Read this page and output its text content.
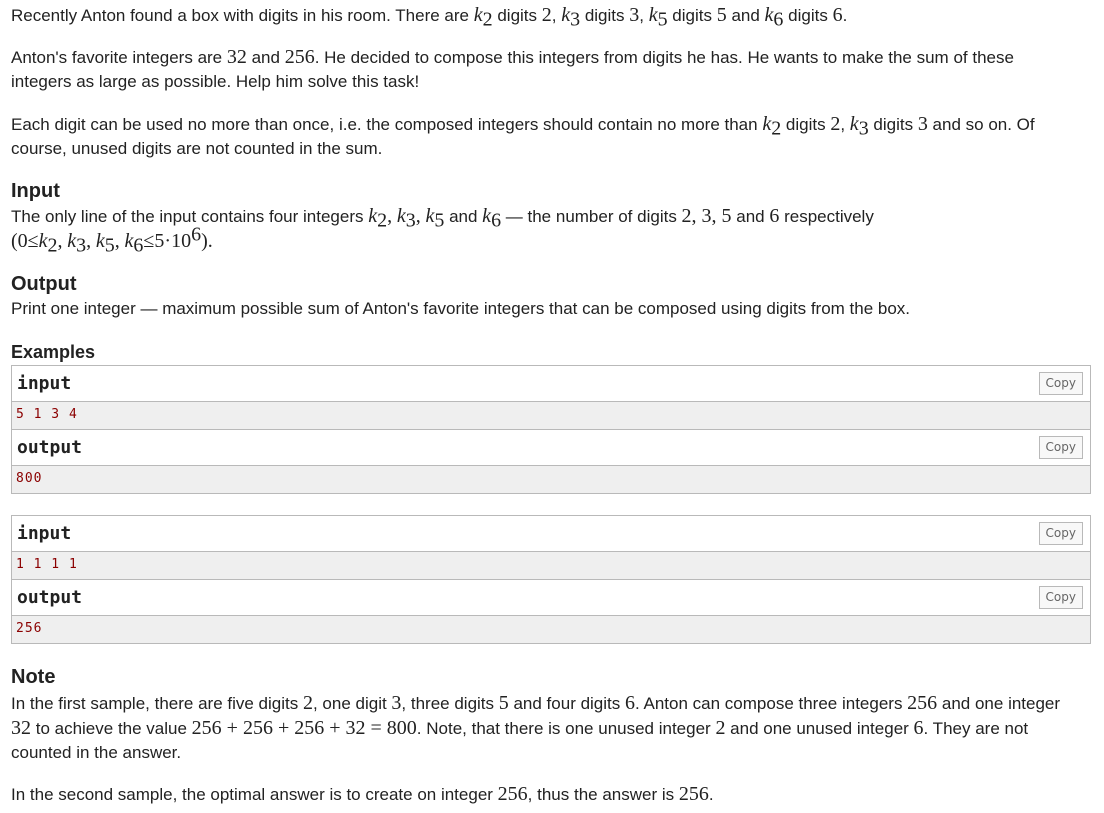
Recently Anton found a box with digits in his room. There are $k_2$ digits 2, $k_3$ digits 3, $k_5$ digits 5 and $k_6$ digits 6.

Anton's favorite integers are 32 and 256. He decided to compose this integers from digits he has. He wants to make the sum of these integers as large as possible. Help him solve this task!

Each digit can be used no more than once, i.e. the composed integers should contain no more than $k_2$ digits 2, $k_3$ digits 3 and so on. Of course, unused digits are not counted in the sum.

Input

The only line of the input contains four integers $k_2$, $k_3$, $k_5$ and $k_6$ — the number of digits 2, 3, 5 and 6 respectively

($0\le k_2$, $k_3$, $k_5$, $k_6\le 5\cdot 10^6$).

Output

Print one integer — maximum possible sum of Anton's favorite integers that can be composed using digits from the box.

Examples
input	Copy
5 1 3 4
output	Copy
800
input	Copy
1 1 1 1
output	Copy
256
Note

In the first sample, there are five digits 2, one digit 3, three digits 5 and four digits 6. Anton can compose three integers 256 and one integer 32 to achieve the value 256 + 256 + 256 + 32 = 800. Note, that there is one unused integer 2 and one unused integer 6. They are not counted in the answer.

In the second sample, the optimal answer is to create on integer 256, thus the answer is 256.
